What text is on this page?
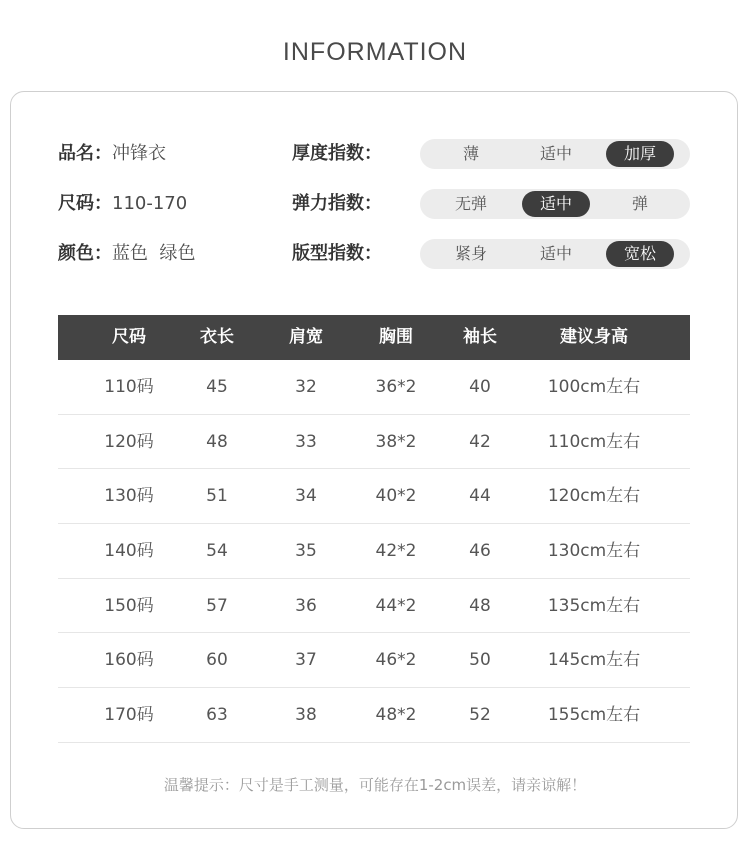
INFORMATION
品名：冲锋衣
尺码：110-170
颜色：蓝色  绿色
厚度指数：	薄	适中	加厚
弹力指数：	无弹	适中	弹
版型指数：	紧身	适中	宽松
尺码	衣长	肩宽	胸围	袖长	建议身高
110码	45	32	36*2	40	100cm左右
120码	48	33	38*2	42	110cm左右
130码	51	34	40*2	44	120cm左右
140码	54	35	42*2	46	130cm左右
150码	57	36	44*2	48	135cm左右
160码	60	37	46*2	50	145cm左右
170码	63	38	48*2	52	155cm左右
温馨提示：尺寸是手工测量，可能存在1-2cm误差，请亲谅解！
